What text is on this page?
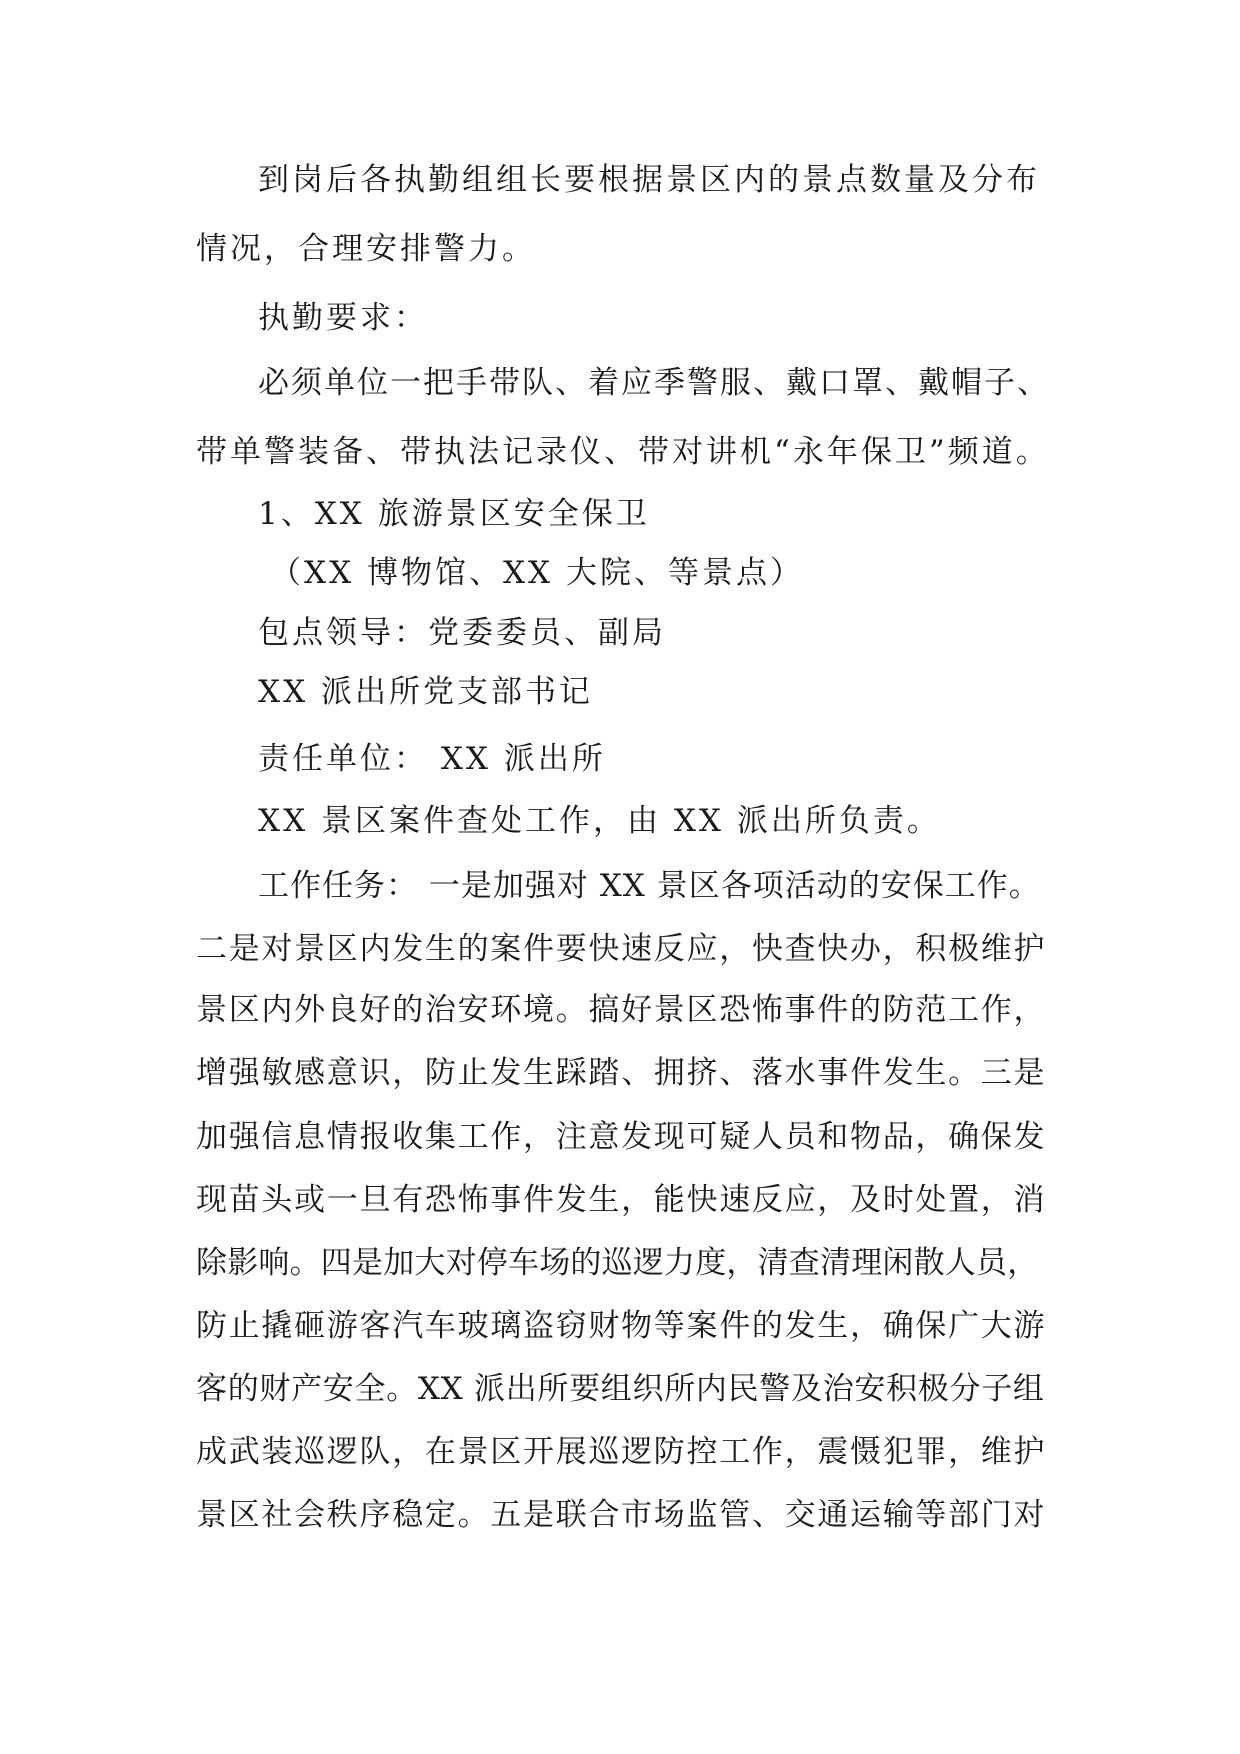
到岗后各执勤组组长要根据景区内的景点数量及分布
情况，合理安排警力。
执勤要求：
必须单位一把手带队、着应季警服、戴口罩、戴帽子、
带单警装备、带执法记录仪、带对讲机“永年保卫”频道。
1、XX 旅游景区安全保卫
（XX 博物馆、XX 大院、等景点）
包点领导：党委委员、副局
XX 派出所党支部书记
责任单位： XX 派出所
XX 景区案件查处工作，由 XX 派出所负责。
工作任务： 一是加强对 XX 景区各项活动的安保工作。
二是对景区内发生的案件要快速反应，快查快办，积极维护
景区内外良好的治安环境。搞好景区恐怖事件的防范工作，
增强敏感意识，防止发生踩踏、拥挤、落水事件发生。三是
加强信息情报收集工作，注意发现可疑人员和物品，确保发
现苗头或一旦有恐怖事件发生，能快速反应，及时处置，消
除影响。四是加大对停车场的巡逻力度，清查清理闲散人员，
防止撬砸游客汽车玻璃盗窃财物等案件的发生，确保广大游
客的财产安全。XX 派出所要组织所内民警及治安积极分子组
成武装巡逻队，在景区开展巡逻防控工作，震慑犯罪，维护
景区社会秩序稳定。五是联合市场监管、交通运输等部门对
